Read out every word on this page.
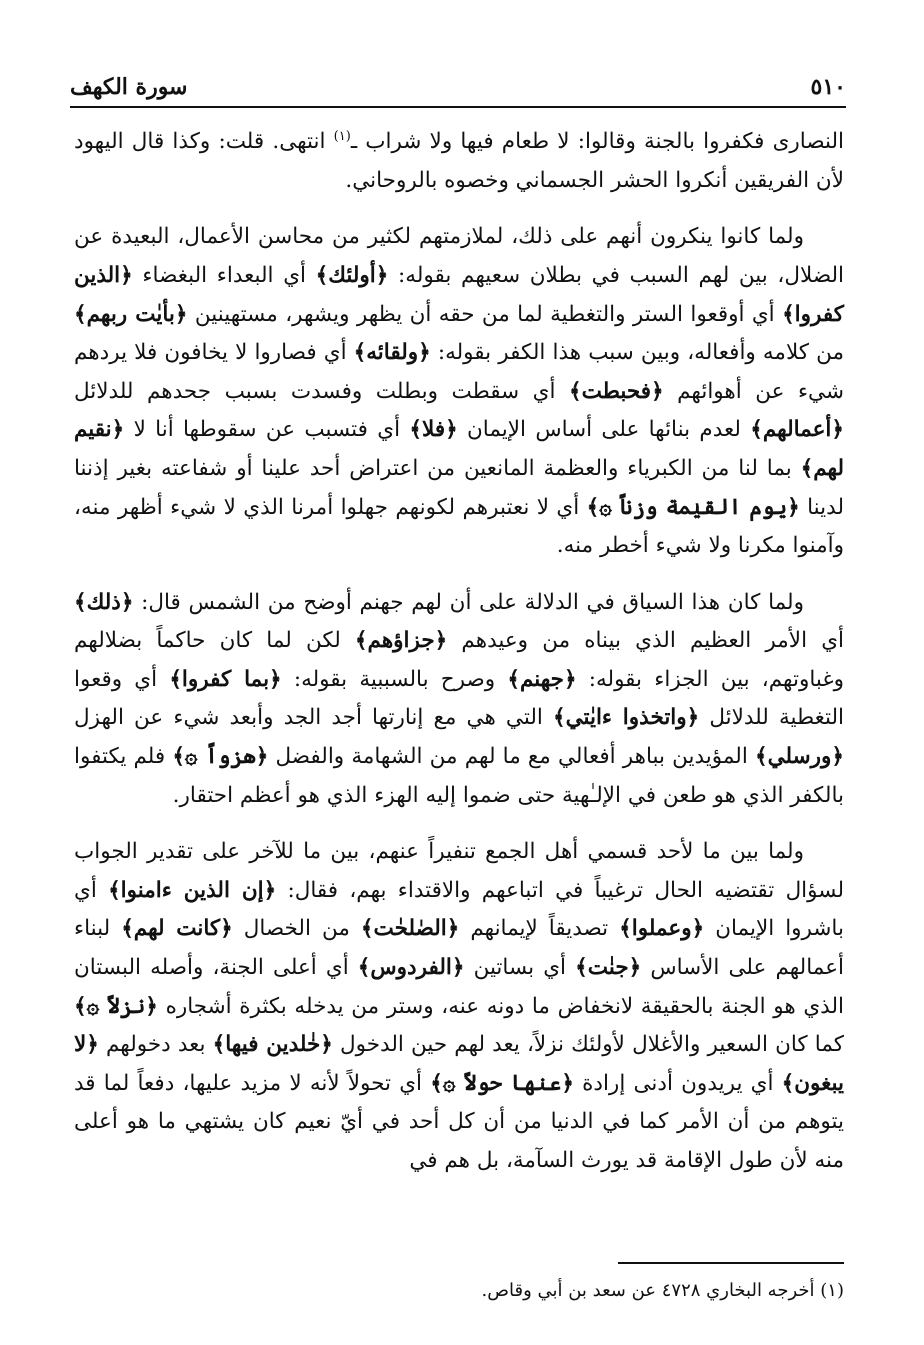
سورة الكهف	٥١٠

النصارى فكفروا بالجنة وقالوا: لا طعام فيها ولا شراب ـ$^{(١)}$ انتهى. قلت: وكذا قال اليهود لأن الفريقين أنكروا الحشر الجسماني وخصوه بالروحاني.

ولما كانوا ينكرون أنهم على ذلك، لملازمتهم لكثير من محاسن الأعمال، البعيدة عن الضلال، بين لهم السبب في بطلان سعيهم بقوله: ﴿أولئك﴾ أي البعداء البغضاء ﴿الذين كفروا﴾ أي أوقعوا الستر والتغطية لما من حقه أن يظهر ويشهر، مستهينين ﴿بأيٰت ربهم﴾ من كلامه وأفعاله، وبين سبب هذا الكفر بقوله: ﴿ولقائه﴾ أي فصاروا لا يخافون فلا يردهم شيء عن أهوائهم ﴿فحبطت﴾ أي سقطت وبطلت وفسدت بسبب جحدهم للدلائل ﴿أعمالهم﴾ لعدم بنائها على أساس الإيمان ﴿فلا﴾ أي فتسبب عن سقوطها أنا لا ﴿نقيم لهم﴾ بما لنا من الكبرياء والعظمة المانعين من اعتراض أحد علينا أو شفاعته بغير إذننا لدينا ﴿يوم القيٰمة وزناً ۞﴾ أي لا نعتبرهم لكونهم جهلوا أمرنا الذي لا شيء أظهر منه، وآمنوا مكرنا ولا شيء أخطر منه.

ولما كان هذا السياق في الدلالة على أن لهم جهنم أوضح من الشمس قال: ﴿ذلك﴾ أي الأمر العظيم الذي بيناه من وعيدهم ﴿جزاؤهم﴾ لكن لما كان حاكماً بضلالهم وغباوتهم، بين الجزاء بقوله: ﴿جهنم﴾ وصرح بالسببية بقوله: ﴿بما كفروا﴾ أي وقعوا التغطية للدلائل ﴿واتخذوا ءايٰتي﴾ التي هي مع إنارتها أجد الجد وأبعد شيء عن الهزل ﴿ورسلي﴾ المؤيدين بباهر أفعالي مع ما لهم من الشهامة والفضل ﴿هزواً ۞﴾ فلم يكتفوا بالكفر الذي هو طعن في الإلـٰهية حتى ضموا إليه الهزء الذي هو أعظم احتقار.

ولما بين ما لأحد قسمي أهل الجمع تنفيراً عنهم، بين ما للآخر على تقدير الجواب لسؤال تقتضيه الحال ترغيباً في اتباعهم والاقتداء بهم، فقال: ﴿إن الذين ءامنوا﴾ أي باشروا الإيمان ﴿وعملوا﴾ تصديقاً لإيمانهم ﴿الصٰلحٰت﴾ من الخصال ﴿كانت لهم﴾ لبناء أعمالهم على الأساس ﴿جنٰت﴾ أي بساتين ﴿الفردوس﴾ أي أعلى الجنة، وأصله البستان الذي هو الجنة بالحقيقة لانخفاض ما دونه عنه، وستر من يدخله بكثرة أشجاره ﴿نزلاً ۞﴾ كما كان السعير والأغلال لأولئك نزلاً، يعد لهم حين الدخول ﴿خٰلدين فيها﴾ بعد دخولهم ﴿لا يبغون﴾ أي يريدون أدنى إرادة ﴿عنها حولاً ۞﴾ أي تحولاً لأنه لا مزيد عليها، دفعاً لما قد يتوهم من أن الأمر كما في الدنيا من أن كل أحد في أيّ نعيم كان يشتهي ما هو أعلى منه لأن طول الإقامة قد يورث السآمة، بل هم في

(١) أخرجه البخاري ٤٧٢٨ عن سعد بن أبي وقاص.
